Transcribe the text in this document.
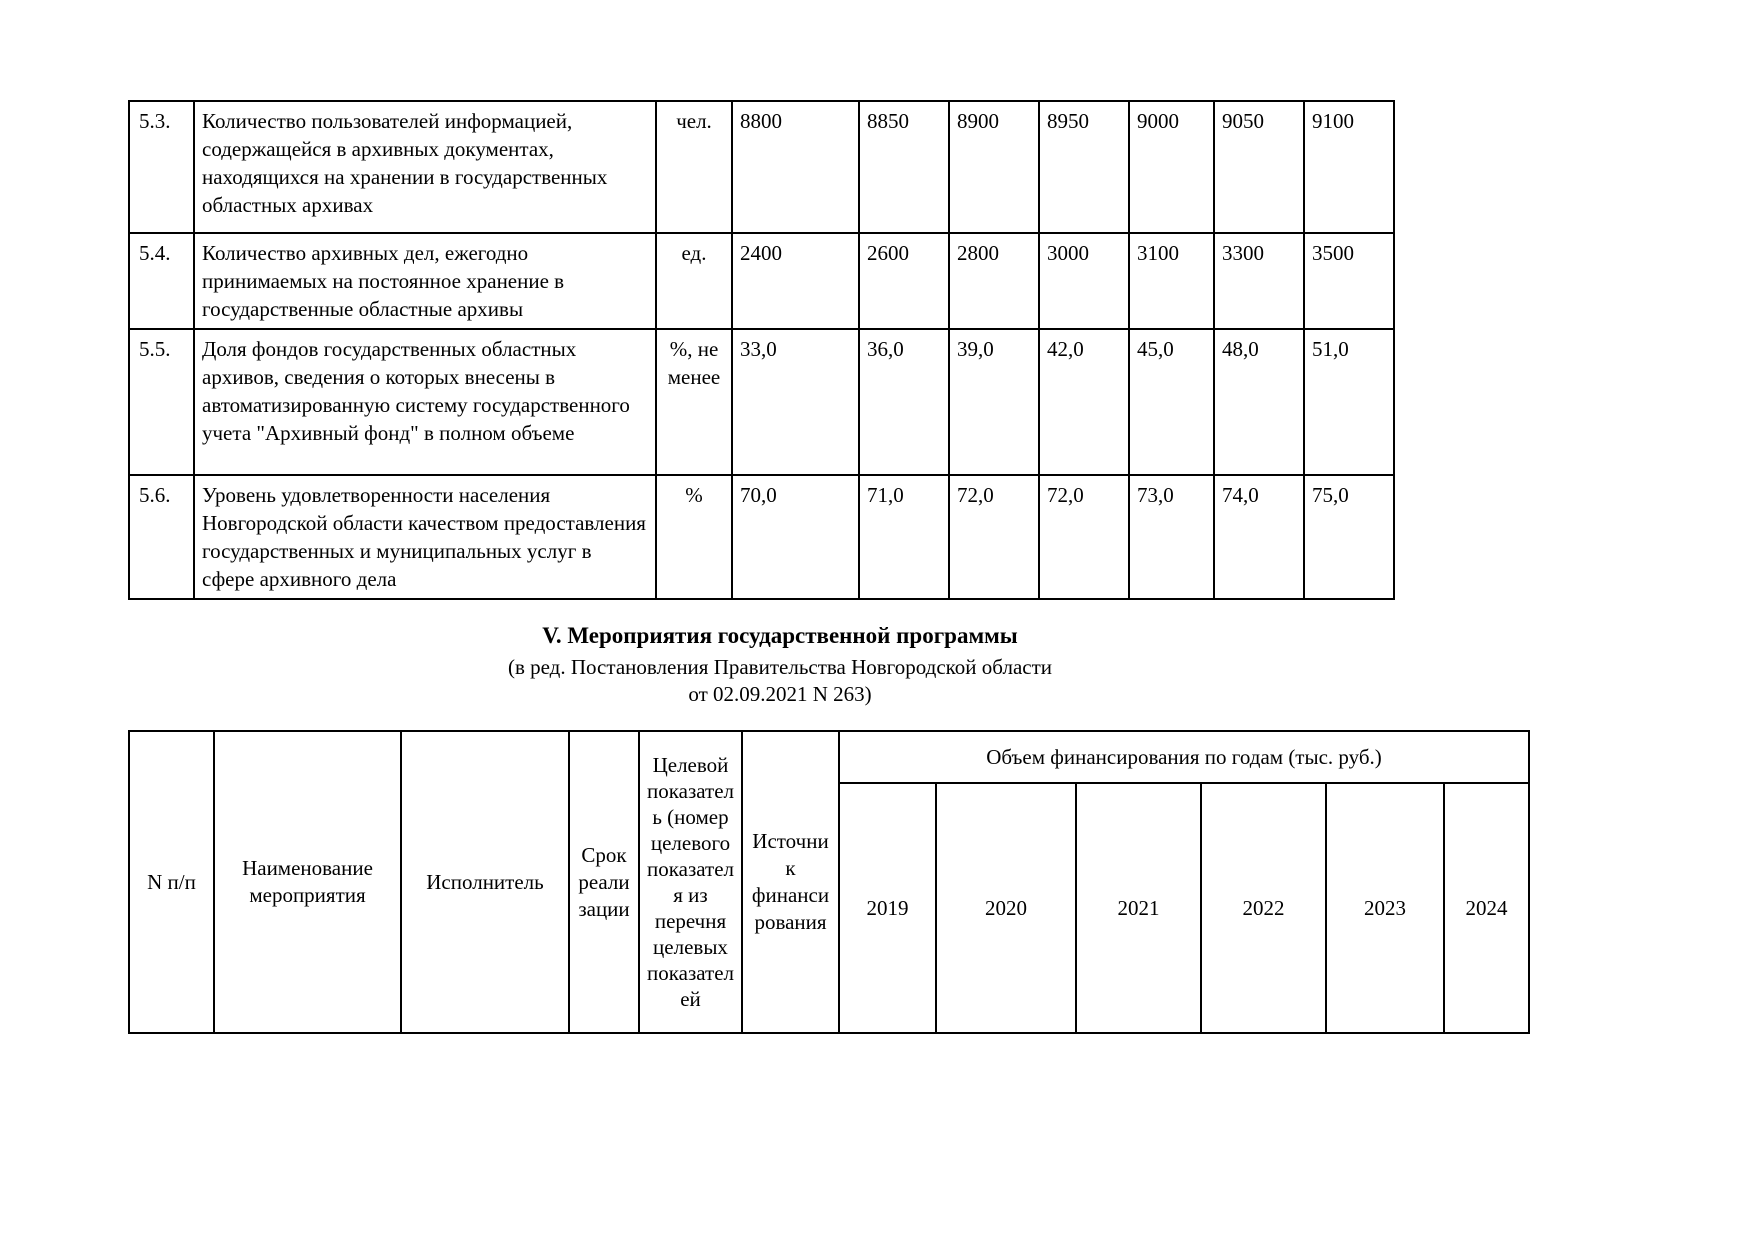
5.3.	Количество пользователей информацией, содержащейся в архивных документах, находящихся на хранении в государственных областных архивах	чел.	8800	8850	8900	8950	9000	9050	9100
5.4.	Количество архивных дел, ежегодно принимаемых на постоянное хранение в государственные областные архивы	ед.	2400	2600	2800	3000	3100	3300	3500
5.5.	Доля фондов государственных областных архивов, сведения о которых внесены в автоматизированную систему государственного учета "Архивный фонд" в полном объеме	%, не менее	33,0	36,0	39,0	42,0	45,0	48,0	51,0
5.6.	Уровень удовлетворенности населения Новгородской области качеством предоставления государственных и муниципальных услуг в сфере архивного дела	%	70,0	71,0	72,0	72,0	73,0	74,0	75,0
V. Мероприятия государственной программы
(в ред. Постановления Правительства Новгородской области
от 02.09.2021 N 263)
N п/п	Наименование мероприятия	Исполнитель	Срок реализации	Целевой показатель (номер целевого показателя из перечня целевых показателей	Источник финансирования	Объем финансирования по годам (тыс. руб.)					
						2019	2020	2021	2022	2023	2024
